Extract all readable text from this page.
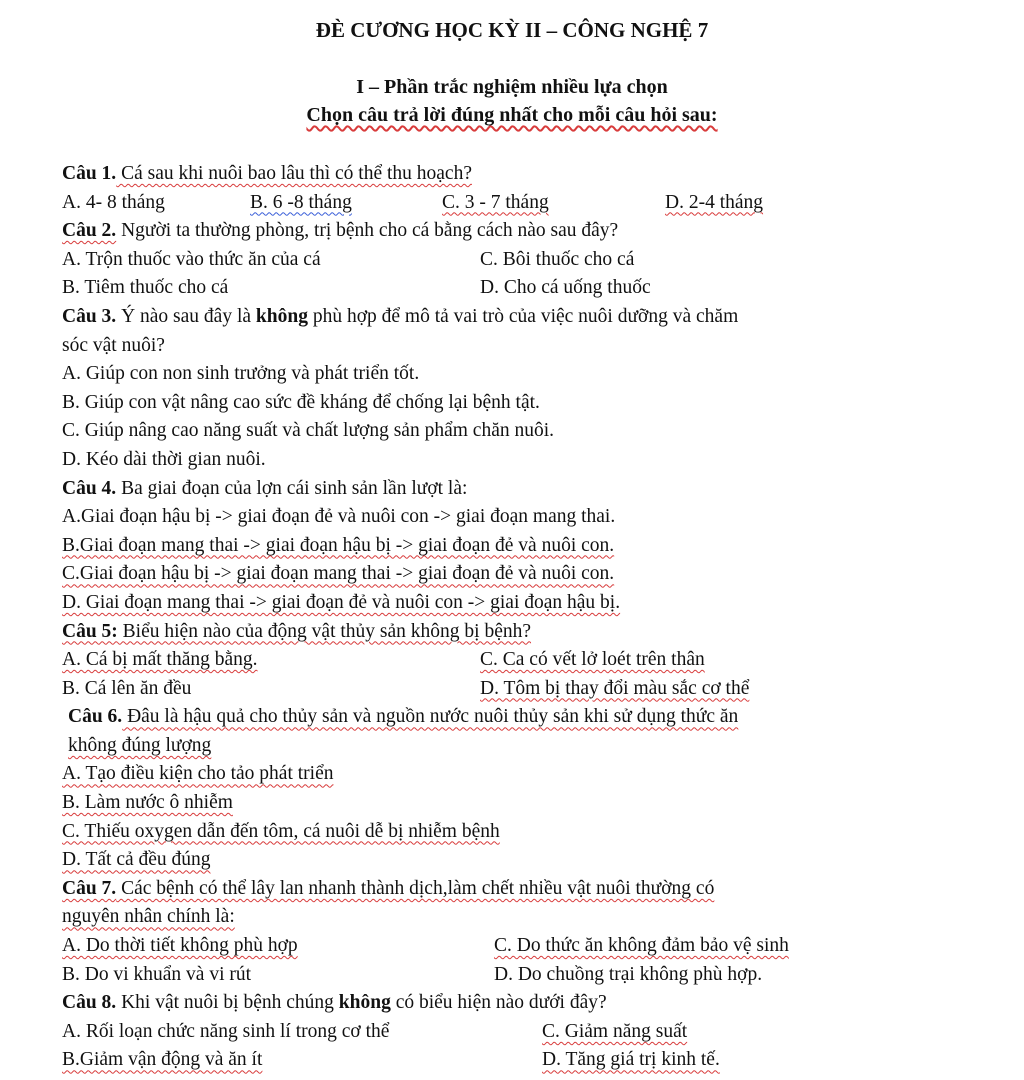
ĐÈ CƯƠNG HỌC KỲ II – CÔNG NGHỆ 7
I – Phần trắc nghiệm nhiều lựa chọn
Chọn câu trả lời đúng nhất cho mỗi câu hỏi sau:
Câu 1. Cá sau khi nuôi bao lâu thì có thể thu hoạch?
A. 4- 8 tháng	B. 6 -8 tháng	C. 3 - 7 tháng	D. 2-4 tháng
Câu 2. Người ta thường phòng, trị bệnh cho cá bằng cách nào sau đây?
A. Trộn thuốc vào thức ăn của cá	C. Bôi thuốc cho cá
B. Tiêm thuốc cho cá	D. Cho cá uống thuốc
Câu 3. Ý nào sau đây là không phù hợp để mô tả vai trò của việc nuôi dưỡng và chăm
sóc vật nuôi?
A. Giúp con non sinh trưởng và phát triển tốt.
B. Giúp con vật nâng cao sức đề kháng để chống lại bệnh tật.
C. Giúp nâng cao năng suất và chất lượng sản phẩm chăn nuôi.
D. Kéo dài thời gian nuôi.
Câu 4. Ba giai đoạn của lợn cái sinh sản lần lượt là:
A.Giai đoạn hậu bị -> giai đoạn đẻ và nuôi con -> giai đoạn mang thai.
B.Giai đoạn mang thai -> giai đoạn hậu bị -> giai đoạn đẻ và nuôi con.
C.Giai đoạn hậu bị -> giai đoạn mang thai -> giai đoạn đẻ và nuôi con.
D. Giai đoạn mang thai -> giai đoạn đẻ và nuôi con -> giai đoạn hậu bị.
Câu 5: Biểu hiện nào của động vật thủy sản không bị bệnh?
A. Cá bị mất thăng bằng.	C. Ca có vết lở loét trên thân
B. Cá lên ăn đều	D. Tôm bị thay đổi màu sắc cơ thể
Câu 6. Đâu là hậu quả cho thủy sản và nguồn nước nuôi thủy sản khi sử dụng thức ăn
không đúng lượng
A. Tạo điều kiện cho tảo phát triển
B. Làm nước ô nhiễm
C. Thiếu oxygen dẫn đến tôm, cá nuôi dễ bị nhiễm bệnh
D. Tất cả đều đúng
Câu 7. Các bệnh có thể lây lan nhanh thành dịch,làm chết nhiều vật nuôi thường có
nguyên nhân chính là:
A. Do thời tiết không phù hợp	C. Do thức ăn không đảm bảo vệ sinh
B. Do vi khuẩn và vi rút	D. Do chuồng trại không phù hợp.
Câu 8. Khi vật nuôi bị bệnh chúng không có biểu hiện nào dưới đây?
A. Rối loạn chức năng sinh lí trong cơ thể	C. Giảm năng suất
B.Giảm vận động và ăn ít	D. Tăng giá trị kinh tế.
